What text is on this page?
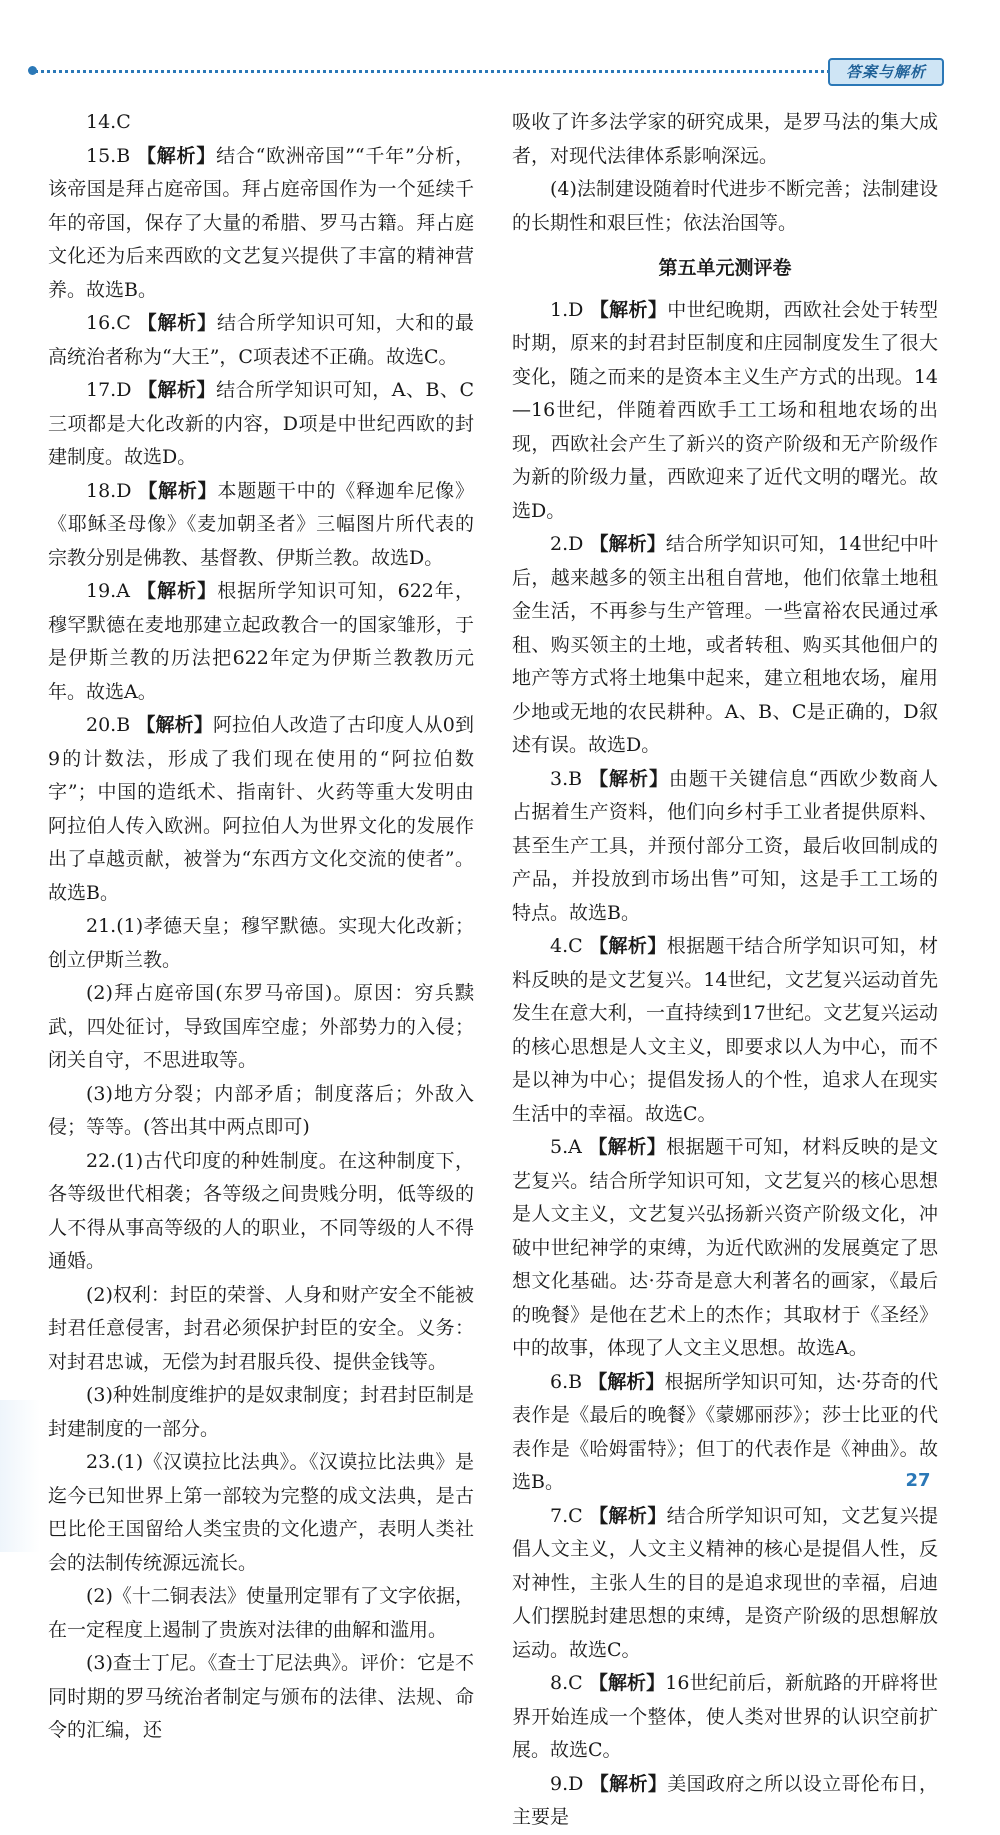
答案与解析

14.C

15.B 【解析】结合“欧洲帝国”“千年”分析，该帝国是拜占庭帝国。拜占庭帝国作为一个延续千年的帝国，保存了大量的希腊、罗马古籍。拜占庭文化还为后来西欧的文艺复兴提供了丰富的精神营养。故选B。

16.C 【解析】结合所学知识可知，大和的最高统治者称为“大王”，C项表述不正确。故选C。

17.D 【解析】结合所学知识可知，A、B、C三项都是大化改新的内容，D项是中世纪西欧的封建制度。故选D。

18.D 【解析】本题题干中的《释迦牟尼像》《耶稣圣母像》《麦加朝圣者》三幅图片所代表的宗教分别是佛教、基督教、伊斯兰教。故选D。

19.A 【解析】根据所学知识可知，622年，穆罕默德在麦地那建立起政教合一的国家雏形，于是伊斯兰教的历法把622年定为伊斯兰教教历元年。故选A。

20.B 【解析】阿拉伯人改造了古印度人从0到9的计数法，形成了我们现在使用的“阿拉伯数字”；中国的造纸术、指南针、火药等重大发明由阿拉伯人传入欧洲。阿拉伯人为世界文化的发展作出了卓越贡献，被誉为“东西方文化交流的使者”。故选B。

21.(1)孝德天皇；穆罕默德。实现大化改新；创立伊斯兰教。

(2)拜占庭帝国(东罗马帝国)。原因：穷兵黩武，四处征讨，导致国库空虚；外部势力的入侵；闭关自守，不思进取等。

(3)地方分裂；内部矛盾；制度落后；外敌入侵；等等。(答出其中两点即可)

22.(1)古代印度的种姓制度。在这种制度下，各等级世代相袭；各等级之间贵贱分明，低等级的人不得从事高等级的人的职业，不同等级的人不得通婚。

(2)权利：封臣的荣誉、人身和财产安全不能被封君任意侵害，封君必须保护封臣的安全。义务：对封君忠诚，无偿为封君服兵役、提供金钱等。

(3)种姓制度维护的是奴隶制度；封君封臣制是封建制度的一部分。

23.(1)《汉谟拉比法典》。《汉谟拉比法典》是迄今已知世界上第一部较为完整的成文法典，是古巴比伦王国留给人类宝贵的文化遗产，表明人类社会的法制传统源远流长。

(2)《十二铜表法》使量刑定罪有了文字依据，在一定程度上遏制了贵族对法律的曲解和滥用。

(3)查士丁尼。《查士丁尼法典》。评价：它是不同时期的罗马统治者制定与颁布的法律、法规、命令的汇编，还

吸收了许多法学家的研究成果，是罗马法的集大成者，对现代法律体系影响深远。

(4)法制建设随着时代进步不断完善；法制建设的长期性和艰巨性；依法治国等。

第五单元测评卷

1.D 【解析】中世纪晚期，西欧社会处于转型时期，原来的封君封臣制度和庄园制度发生了很大变化，随之而来的是资本主义生产方式的出现。14—16世纪，伴随着西欧手工工场和租地农场的出现，西欧社会产生了新兴的资产阶级和无产阶级作为新的阶级力量，西欧迎来了近代文明的曙光。故选D。

2.D 【解析】结合所学知识可知，14世纪中叶后，越来越多的领主出租自营地，他们依靠土地租金生活，不再参与生产管理。一些富裕农民通过承租、购买领主的土地，或者转租、购买其他佃户的地产等方式将土地集中起来，建立租地农场，雇用少地或无地的农民耕种。A、B、C是正确的，D叙述有误。故选D。

3.B 【解析】由题干关键信息“西欧少数商人占据着生产资料，他们向乡村手工业者提供原料、甚至生产工具，并预付部分工资，最后收回制成的产品，并投放到市场出售”可知，这是手工工场的特点。故选B。

4.C 【解析】根据题干结合所学知识可知，材料反映的是文艺复兴。14世纪，文艺复兴运动首先发生在意大利，一直持续到17世纪。文艺复兴运动的核心思想是人文主义，即要求以人为中心，而不是以神为中心；提倡发扬人的个性，追求人在现实生活中的幸福。故选C。

5.A 【解析】根据题干可知，材料反映的是文艺复兴。结合所学知识可知，文艺复兴的核心思想是人文主义，文艺复兴弘扬新兴资产阶级文化，冲破中世纪神学的束缚，为近代欧洲的发展奠定了思想文化基础。达·芬奇是意大利著名的画家，《最后的晚餐》是他在艺术上的杰作；其取材于《圣经》中的故事，体现了人文主义思想。故选A。

6.B 【解析】根据所学知识可知，达·芬奇的代表作是《最后的晚餐》《蒙娜丽莎》；莎士比亚的代表作是《哈姆雷特》；但丁的代表作是《神曲》。故选B。

7.C 【解析】结合所学知识可知，文艺复兴提倡人文主义，人文主义精神的核心是提倡人性，反对神性，主张人生的目的是追求现世的幸福，启迪人们摆脱封建思想的束缚，是资产阶级的思想解放运动。故选C。

8.C 【解析】16世纪前后，新航路的开辟将世界开始连成一个整体，使人类对世界的认识空前扩展。故选C。

9.D 【解析】美国政府之所以设立哥伦布日，主要是

27
